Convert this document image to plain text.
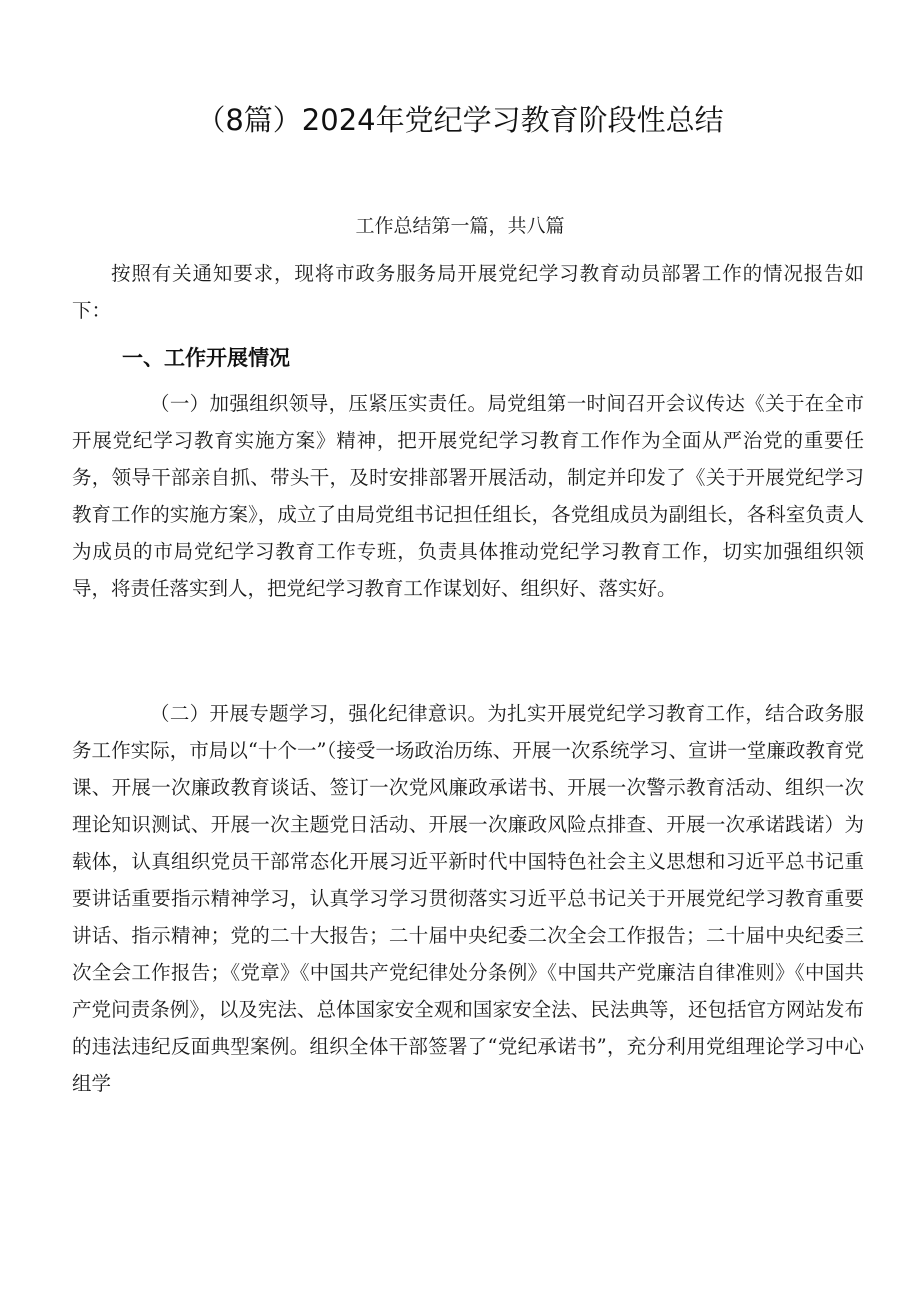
（8篇）2024年党纪学习教育阶段性总结
工作总结第一篇，共八篇

按照有关通知要求，现将市政务服务局开展党纪学习教育动员部署工作的情况报告如下：

一、工作开展情况

（一）加强组织领导，压紧压实责任。局党组第一时间召开会议传达《关于在全市开展党纪学习教育实施方案》精神，把开展党纪学习教育工作作为全面从严治党的重要任务，领导干部亲自抓、带头干，及时安排部署开展活动，制定并印发了《关于开展党纪学习教育工作的实施方案》，成立了由局党组书记担任组长，各党组成员为副组长，各科室负责人为成员的市局党纪学习教育工作专班，负责具体推动党纪学习教育工作，切实加强组织领导，将责任落实到人，把党纪学习教育工作谋划好、组织好、落实好。

（二）开展专题学习，强化纪律意识。为扎实开展党纪学习教育工作，结合政务服务工作实际，市局以“十个一”（接受一场政治历练、开展一次系统学习、宣讲一堂廉政教育党课、开展一次廉政教育谈话、签订一次党风廉政承诺书、开展一次警示教育活动、组织一次理论知识测试、开展一次主题党日活动、开展一次廉政风险点排查、开展一次承诺践诺）为载体，认真组织党员干部常态化开展习近平新时代中国特色社会主义思想和习近平总书记重要讲话重要指示精神学习，认真学习学习贯彻落实习近平总书记关于开展党纪学习教育重要讲话、指示精神；党的二十大报告；二十届中央纪委二次全会工作报告；二十届中央纪委三次全会工作报告；《党章》《中国共产党纪律处分条例》《中国共产党廉洁自律准则》《中国共产党问责条例》，以及宪法、总体国家安全观和国家安全法、民法典等，还包括官方网站发布的违法违纪反面典型案例。组织全体干部签署了“党纪承诺书”，充分利用党组理论学习中心组学
